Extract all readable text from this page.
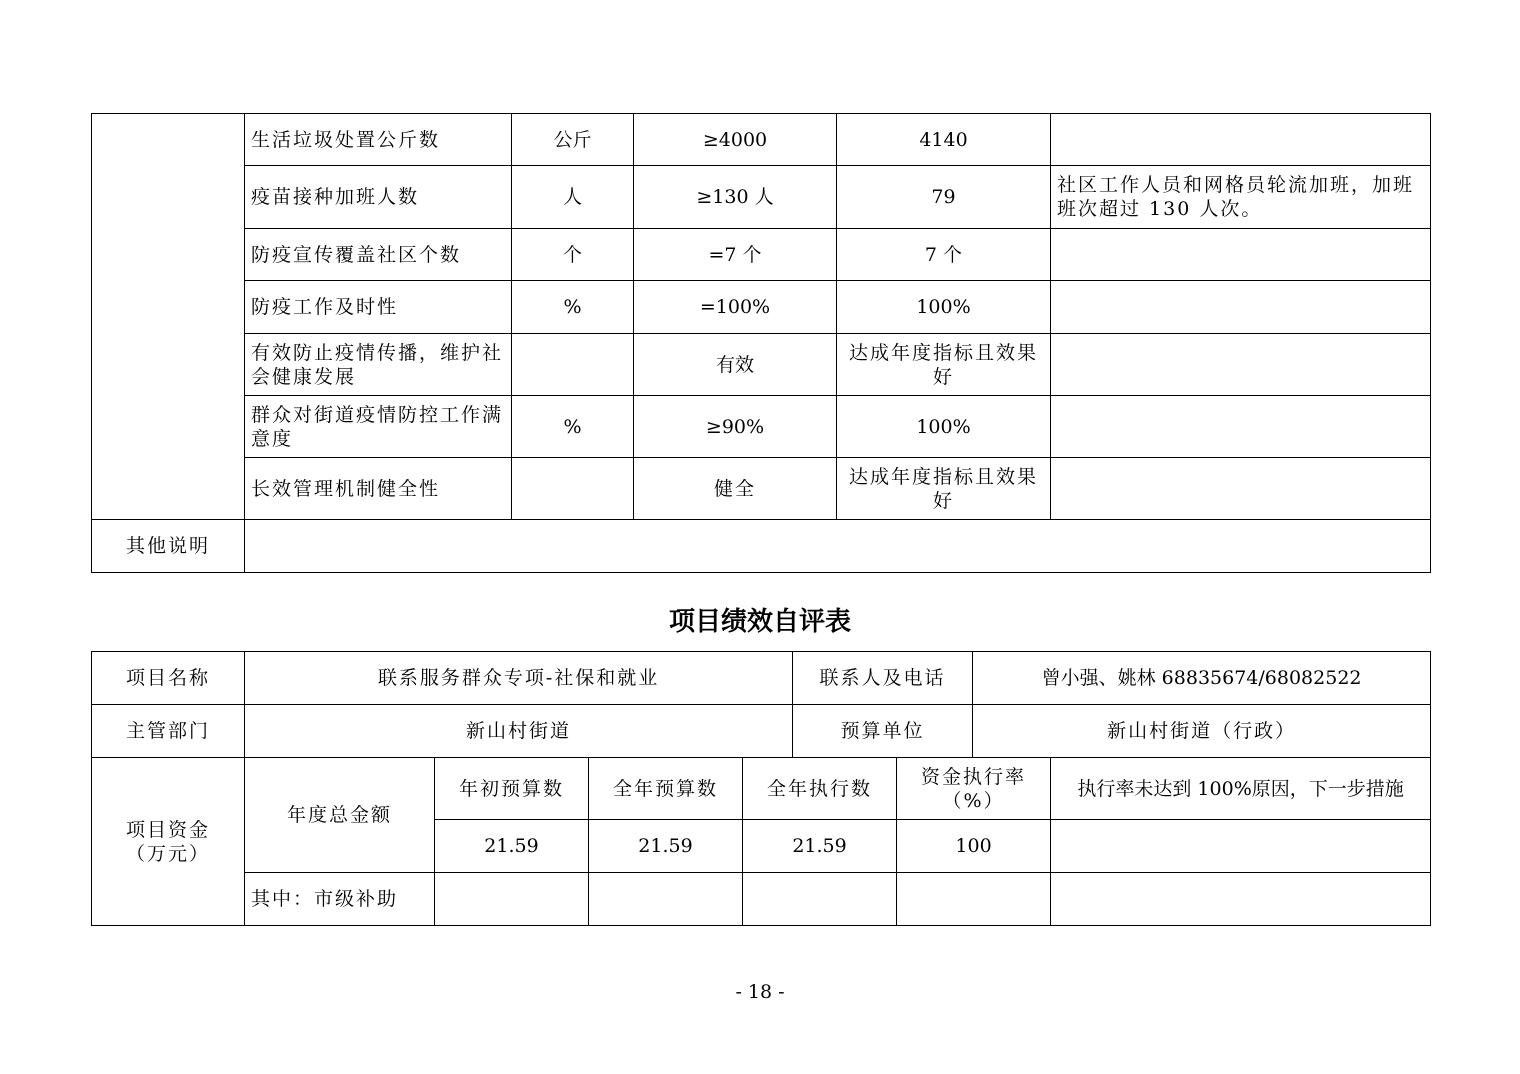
	生活垃圾处置公斤数	公斤	≥4000	4140	
	疫苗接种加班人数	人	≥130 人	79	社区工作人员和网格员轮流加班，加班班次超过 130 人次。
	防疫宣传覆盖社区个数	个	=7 个	7 个	
	防疫工作及时性	%	=100%	100%	
	有效防止疫情传播，维护社会健康发展		有效	达成年度指标且效果好	
	群众对街道疫情防控工作满意度	%	≥90%	100%	
	长效管理机制健全性		健全	达成年度指标且效果好	
其他说明					
项目绩效自评表
项目名称	联系服务群众专项-社保和就业				联系人及电话		曾小强、姚林 68835674/68082522	
主管部门	新山村街道				预算单位		新山村街道（行政）	
项目资金（万元）	年度总金额	年初预算数	全年预算数	全年执行数		资金执行率（%）		执行率未达到 100%原因，下一步措施
		21.59	21.59	21.59		100		
	其中：市级补助							
- 18 -
